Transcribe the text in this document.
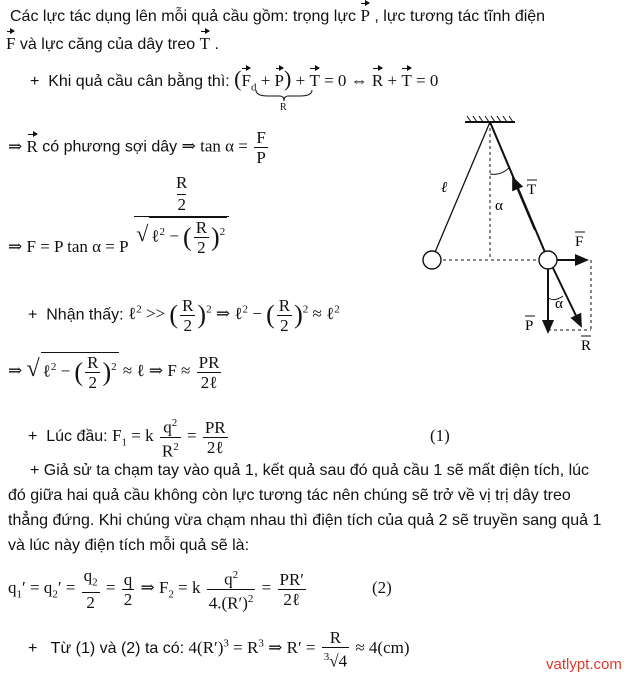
Các lực tác dụng lên mỗi quả cầu gồm: trọng lực P , lực tương tác tĩnh điện
F và lực căng của dây treo T .
+  Khi quả cầu cân bằng thì: $(F_d + P) + T = 0$ ⇔ R + T = 0
R
⇒ R có phương sợi dây ⇒ $\tan \alpha = \frac{F}{P}$
⇒ F = P tan α = P
R
2
√ ℓ$^2$ − ( $\frac{R}{2} )^2$
ℓ
α
T
F
α
P
R
+  Nhận thấy: ℓ$^2$ >> ( $\frac{R}{2} )^2$ ⇒ ℓ$^2$ − ( $\frac{R}{2} )^2$ ≈ ℓ$^2$
⇒ √ ℓ$^2$ − ( $\frac{R}{2} )^2$ ≈ ℓ ⇒ $F \approx \frac{PR}{\text{2ℓ}}$
+  Lúc đầu: $F_1 = k \frac{q^2}{R^2} = \frac{PR}{\text{2ℓ}}$	(1)
+ Giả sử ta chạm tay vào quả 1, kết quả sau đó quả cầu 1 sẽ mất điện tích, lúc
đó giữa hai quả cầu không còn lực tương tác nên chúng sẽ trở về vị trị dây treo
thẳng đứng. Khi chúng vừa chạm nhau thì điện tích của quả 2 sẽ truyền sang quả 1
và lúc này điện tích mỗi quả sẽ là:
$q_1' = q_2' = \frac{q_2}{2} = \frac{q}{2}$ ⇒ $F_2 = k \frac{q^2}{4.(R')^2} = \frac{PR'}{\text{2ℓ}}$	(2)
+   Từ (1) và (2) ta có: $4(R')^3 = R^3$ ⇒ $R' = \frac{R}{^3√4} \approx 4(cm)$
vatlypt.com
